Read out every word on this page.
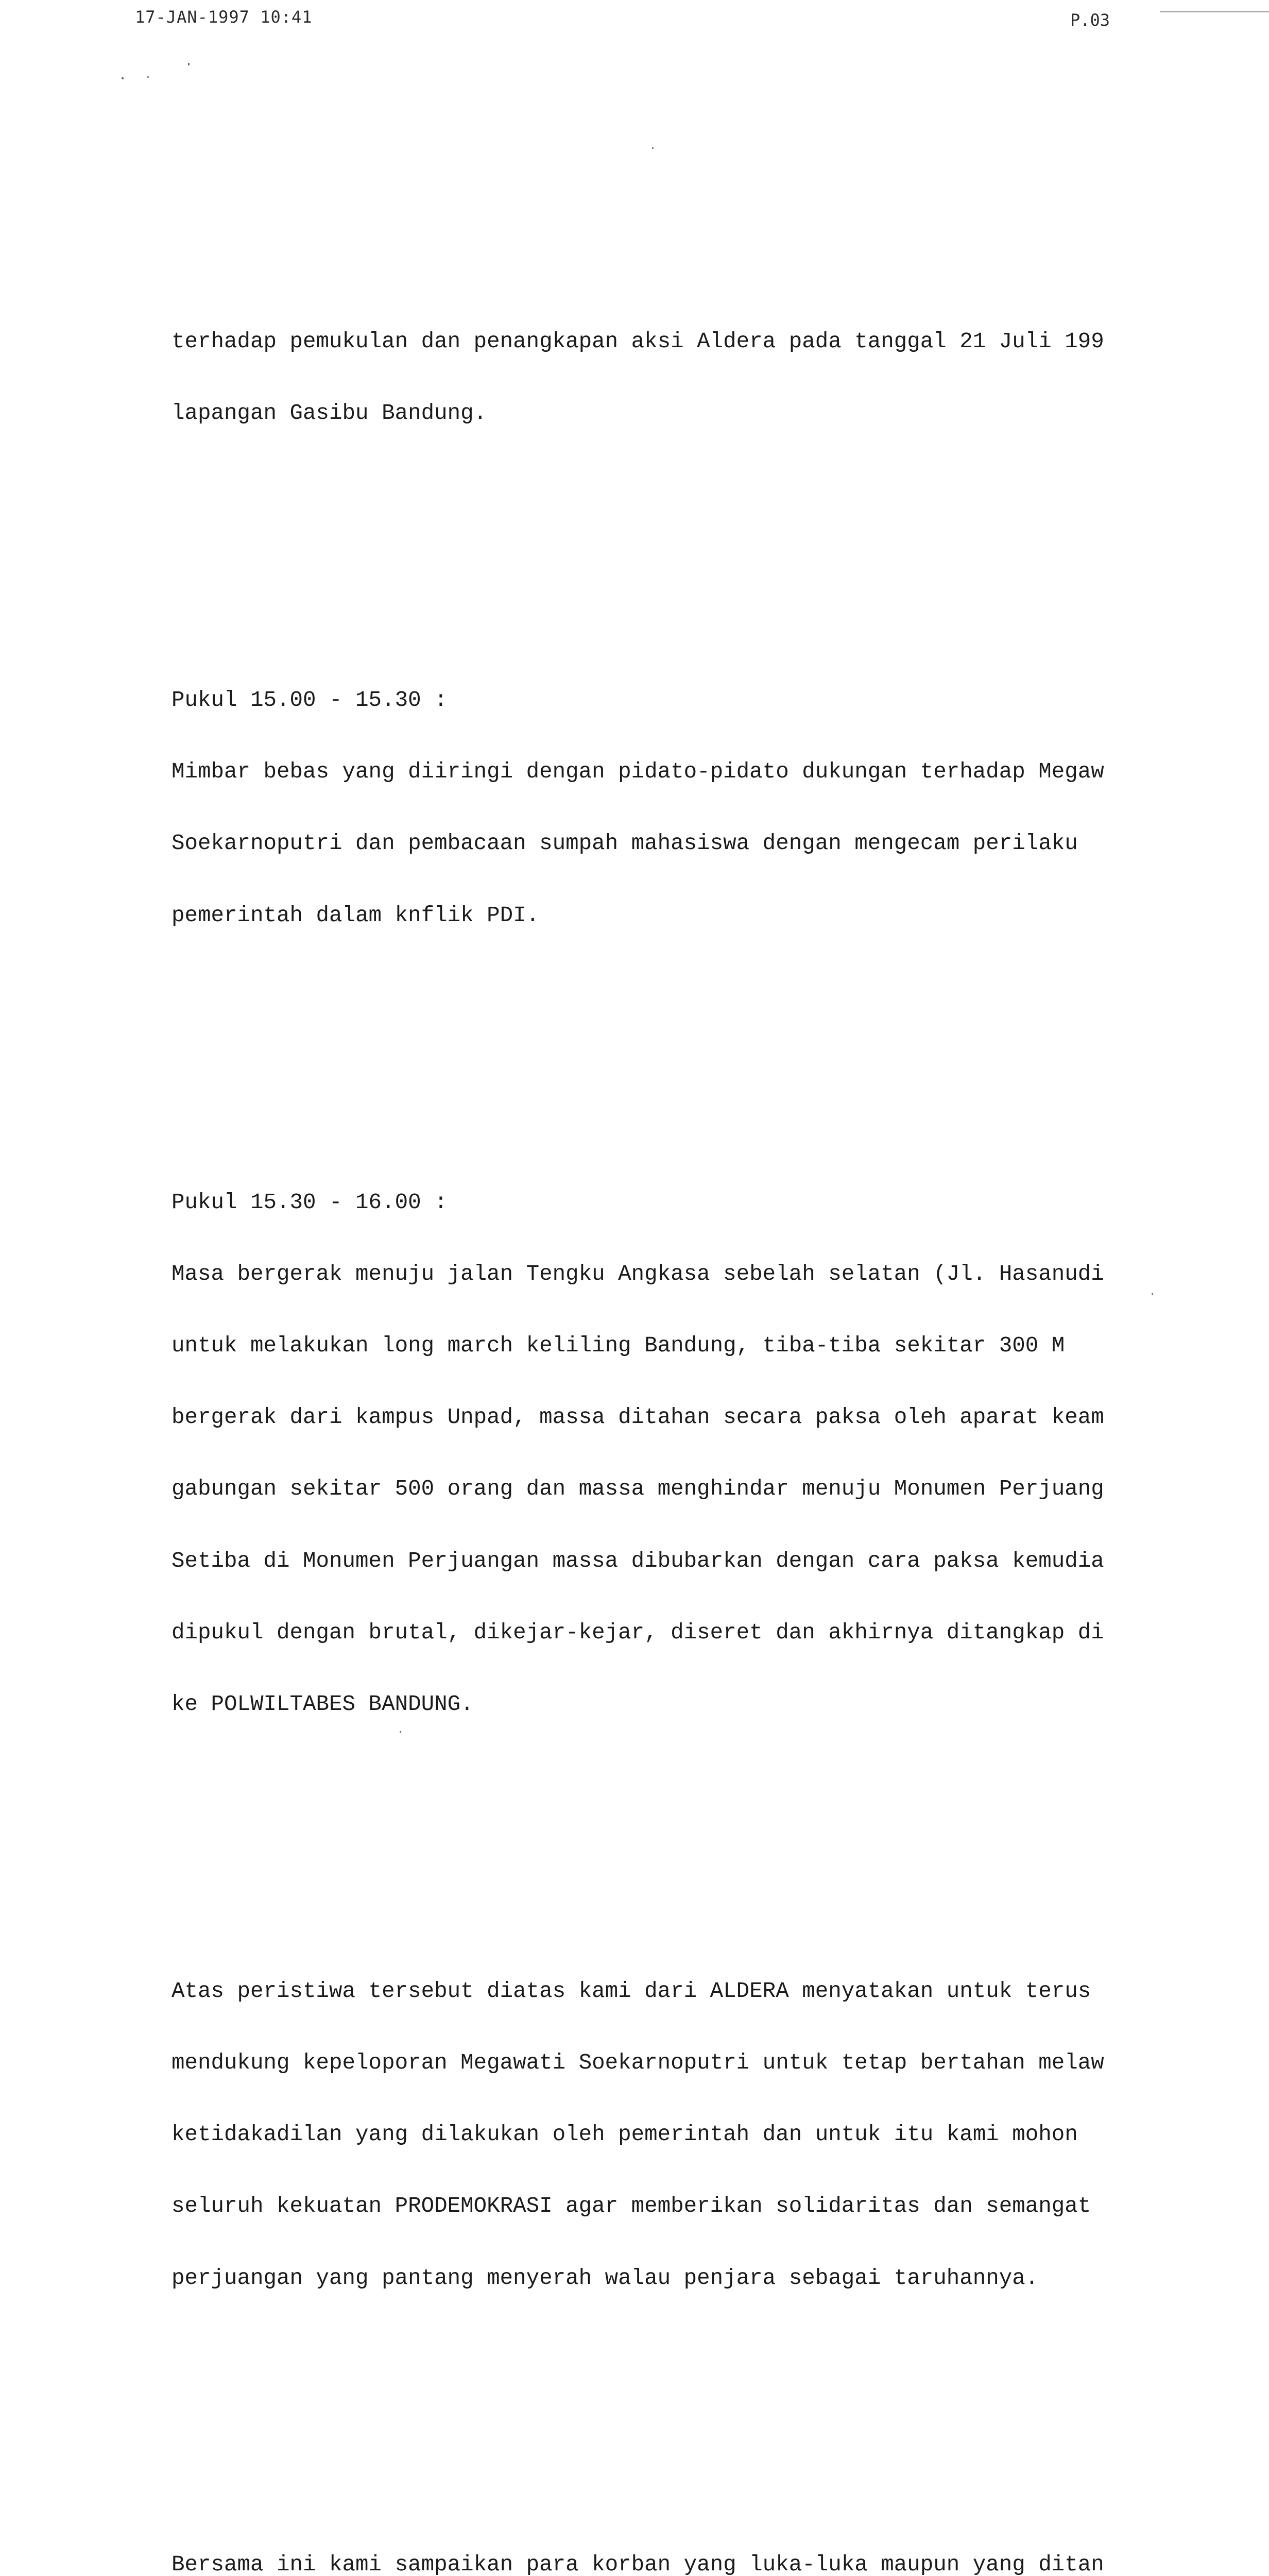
17-JAN-1997 10:41	P.03

terhadap pemukulan dan penangkapan aksi Aldera pada tanggal 21 Juli 199

lapangan Gasibu Bandung.

Pukul 15.00 - 15.30 :

Mimbar bebas yang diiringi dengan pidato-pidato dukungan terhadap Megaw

Soekarnoputri dan pembacaan sumpah mahasiswa dengan mengecam perilaku

pemerintah dalam knflik PDI.

Pukul 15.30 - 16.00 :

Masa bergerak menuju jalan Tengku Angkasa sebelah selatan (Jl. Hasanudi

untuk melakukan long march keliling Bandung, tiba-tiba sekitar 300 M

bergerak dari kampus Unpad, massa ditahan secara paksa oleh aparat keam

gabungan sekitar 500 orang dan massa menghindar menuju Monumen Perjuang

Setiba di Monumen Perjuangan massa dibubarkan dengan cara paksa kemudia

dipukul dengan brutal, dikejar-kejar, diseret dan akhirnya ditangkap di

ke POLWILTABES BANDUNG.

Atas peristiwa tersebut diatas kami dari ALDERA menyatakan untuk terus

mendukung kepeloporan Megawati Soekarnoputri untuk tetap bertahan melaw

ketidakadilan yang dilakukan oleh pemerintah dan untuk itu kami mohon

seluruh kekuatan PRODEMOKRASI agar memberikan solidaritas dan semangat

perjuangan yang pantang menyerah walau penjara sebagai taruhannya.

Bersama ini kami sampaikan para korban yang luka-luka maupun yang ditan
